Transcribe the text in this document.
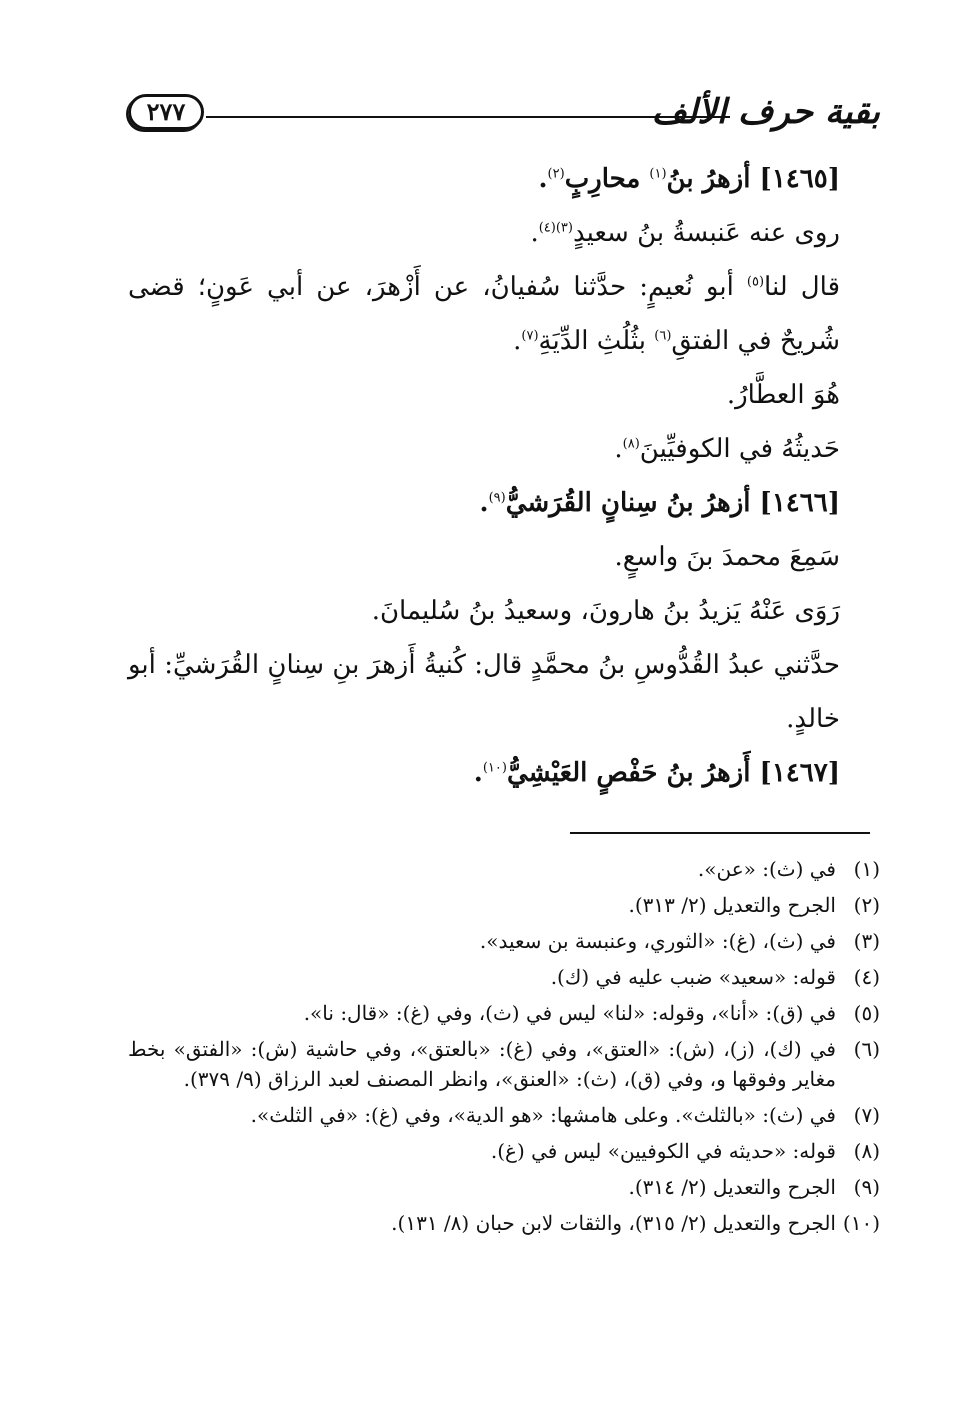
بقية حرف الألف
٢٧٧

[١٤٦٥] أزهرُ بنُ$^{(١)}$ محارِبٍ$^{(٢)}$.

روى عنه عَنبسةُ بنُ سعيدٍ$^{(٣)(٤)}$.

قال لنا$^{(٥)}$ أبو نُعيمٍ: حدَّثنا سُفيانُ، عن أَزْهرَ، عن أبي عَونٍ؛ قضى شُريحٌ في الفتقِ$^{(٦)}$ بثُلُثِ الدِّيَةِ$^{(٧)}$.

هُوَ العطَّارُ.

حَديثُهُ في الكوفيِّينَ$^{(٨)}$.

[١٤٦٦] أزهرُ بنُ سِنانٍ القُرَشيُّ$^{(٩)}$.

سَمِعَ محمدَ بنَ واسعٍ.

رَوَى عَنْهُ يَزيدُ بنُ هارونَ، وسعيدُ بنُ سُليمانَ.

حدَّثني عبدُ القُدُّوسِ بنُ محمَّدٍ قال: كُنيةُ أَزهرَ بنِ سِنانٍ القُرَشيِّ: أبو خالدٍ.

[١٤٦٧] أَزهرُ بنُ حَفْصٍ العَيْشِيُّ$^{(١٠)}$.

(١)
في (ث): «عن».
(٢)
الجرح والتعديل (٢/ ٣١٣).
(٣)
في (ث)، (غ): «الثوري، وعنبسة بن سعيد».
(٤)
قوله: «سعيد» ضبب عليه في (ك).
(٥)
في (ق): «أنا»، وقوله: «لنا» ليس في (ث)، وفي (غ): «قال: نا».
(٦)
في (ك)، (ز)، (ش): «العتق»، وفي (غ): «بالعتق»، وفي حاشية (ش): «الفتق» بخط مغاير وفوقها و، وفي (ق)، (ث): «العنق»، وانظر المصنف لعبد الرزاق (٩/ ٣٧٩).
(٧)
في (ث): «بالثلث». وعلى هامشها: «هو الدية»، وفي (غ): «في الثلث».
(٨)
قوله: «حديثه في الكوفيين» ليس في (غ).
(٩)
الجرح والتعديل (٢/ ٣١٤).
(١٠)
الجرح والتعديل (٢/ ٣١٥)، والثقات لابن حبان (٨/ ١٣١).
